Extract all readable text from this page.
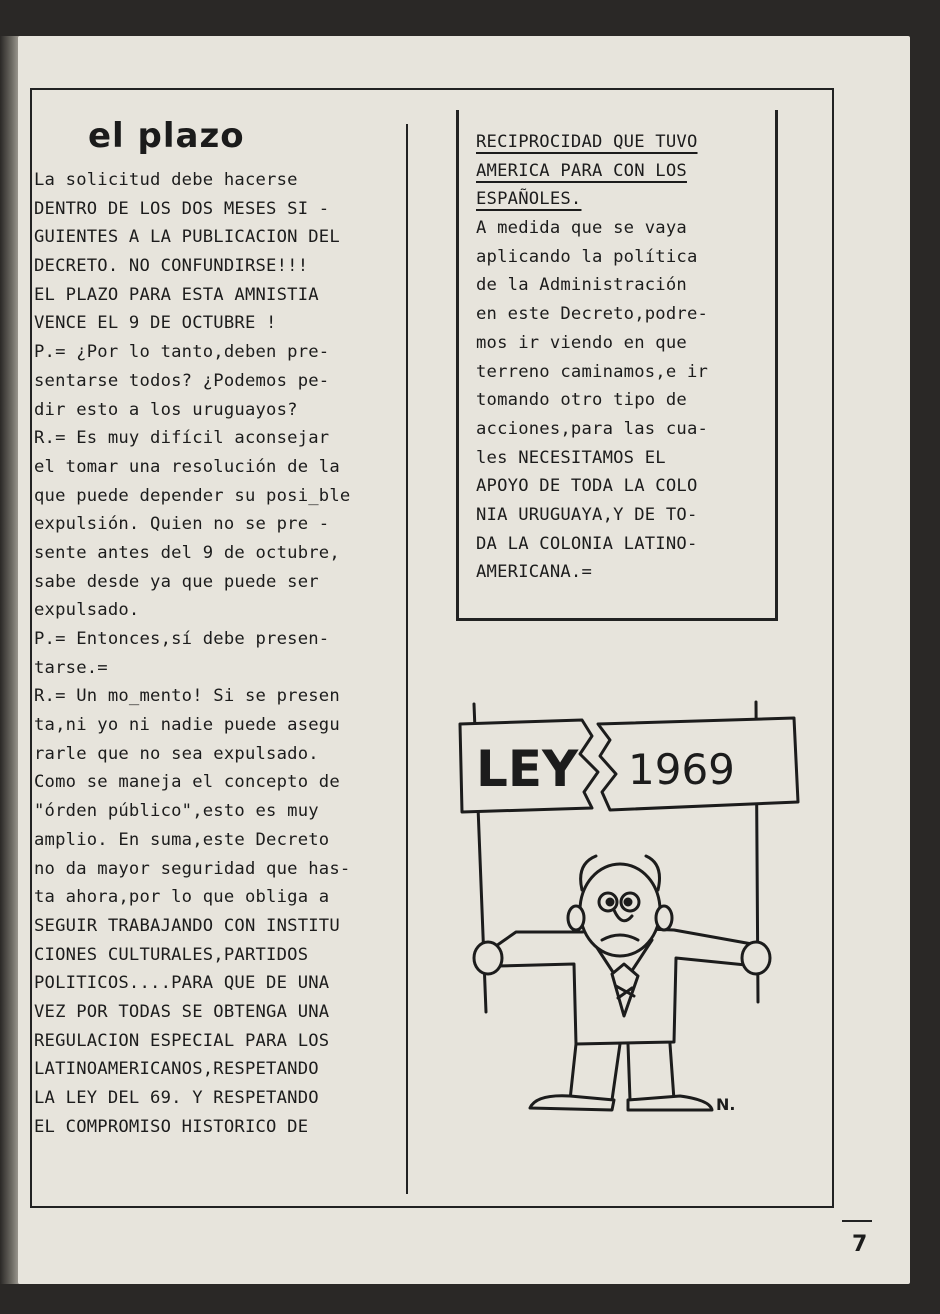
el plazo
La solicitud debe hacerse
DENTRO DE LOS DOS MESES SI -
GUIENTES A LA PUBLICACION DEL
DECRETO. NO CONFUNDIRSE!!!
EL PLAZO PARA ESTA AMNISTIA
VENCE EL 9 DE OCTUBRE !
P.= ¿Por lo tanto,deben pre-
sentarse todos? ¿Podemos pe-
dir esto a los uruguayos?
R.= Es muy difícil aconsejar
el tomar una resolución de la
que puede depender su posi_ble
expulsión. Quien no se pre -
sente antes del 9 de octubre,
sabe desde ya que puede ser
expulsado.
P.= Entonces,sí debe presen-
tarse.=
R.= Un mo_mento! Si se presen
ta,ni yo ni nadie puede asegu
rarle que no sea expulsado.
Como se maneja el concepto de
"órden público",esto es muy
amplio. En suma,este Decreto
no da mayor seguridad que has-
ta ahora,por lo que obliga a
SEGUIR TRABAJANDO CON INSTITU
CIONES CULTURALES,PARTIDOS
POLITICOS....PARA QUE DE UNA
VEZ POR TODAS SE OBTENGA UNA
REGULACION ESPECIAL PARA LOS
LATINOAMERICANOS,RESPETANDO
LA LEY DEL 69. Y RESPETANDO
EL COMPROMISO HISTORICO DE
RECIPROCIDAD QUE TUVO
AMERICA PARA CON LOS
ESPAÑOLES.
A medida que se vaya
aplicando la política
de la Administración
en este Decreto,podre-
mos ir viendo en que
terreno caminamos,e ir
tomando otro tipo de
acciones,para las cua-
les NECESITAMOS EL
APOYO DE TODA LA COLO
NIA URUGUAYA,Y DE TO-
DA LA COLONIA LATINO-
AMERICANA.=
LEY 1969
N.
7
